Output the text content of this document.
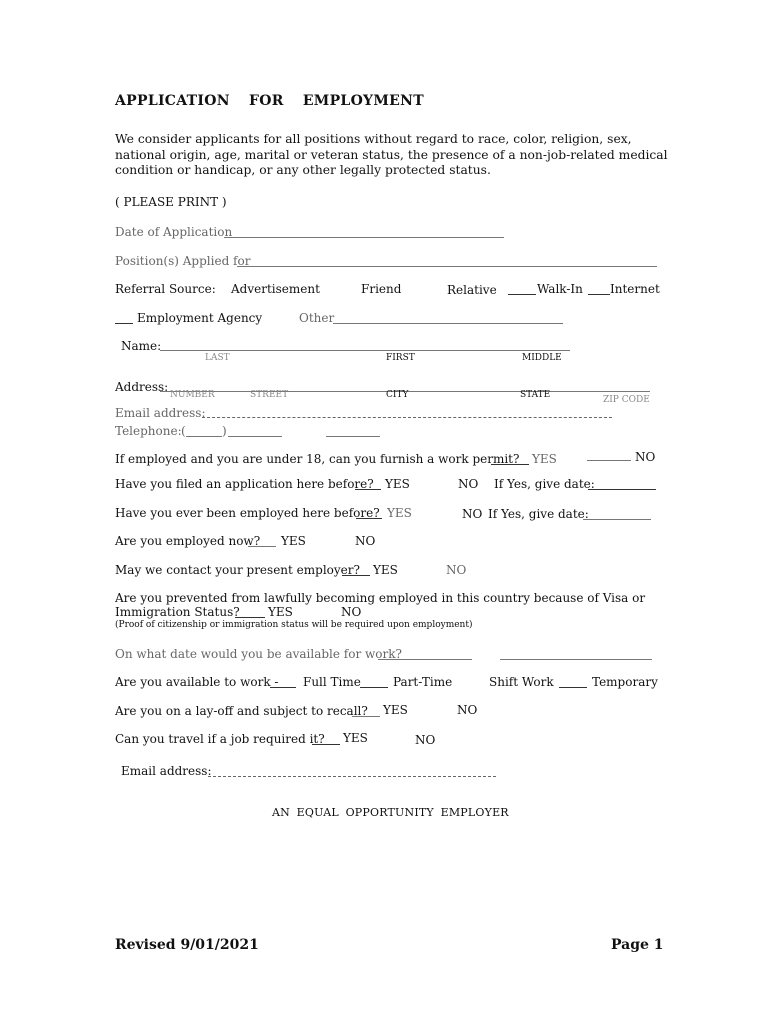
APPLICATION FOR EMPLOYMENT
We consider applicants for all positions without regard to race, color, religion, sex, national origin, age, marital or veteran status, the presence of a non-job-related medical condition or handicap, or any other legally protected status.
( PLEASE PRINT )
Date of Application
Position(s) Applied for
Referral Source: Advertisement	Friend	Relative	Walk-In Internet
Employment Agency	Other
Name:
LAST	FIRST	MIDDLE
Address:
NUMBER	STREET	CITY	STATE	ZIP CODE
Email address:
Telephone: (	)
If employed and you are under 18, can you furnish a work permit? YES	NO
Have you filed an application here before? YES	NO If Yes, give date:
Have you ever been employed here before? YES	NO If Yes, give date:
Are you employed now? YES	NO
May we contact your present employer? YES	NO
Are you prevented from lawfully becoming employed in this country because of Visa or
Immigration Status? YES	NO
(Proof of citizenship or immigration status will be required upon employment)
On what date would you be available for work?
Are you available to work - Full Time	Part-Time	Shift Work	Temporary
Are you on a lay-off and subject to recall? YES	NO
Can you travel if a job required it? YES	NO
Email address:
AN EQUAL OPPORTUNITY EMPLOYER
Revised 9/01/2021	Page 1
